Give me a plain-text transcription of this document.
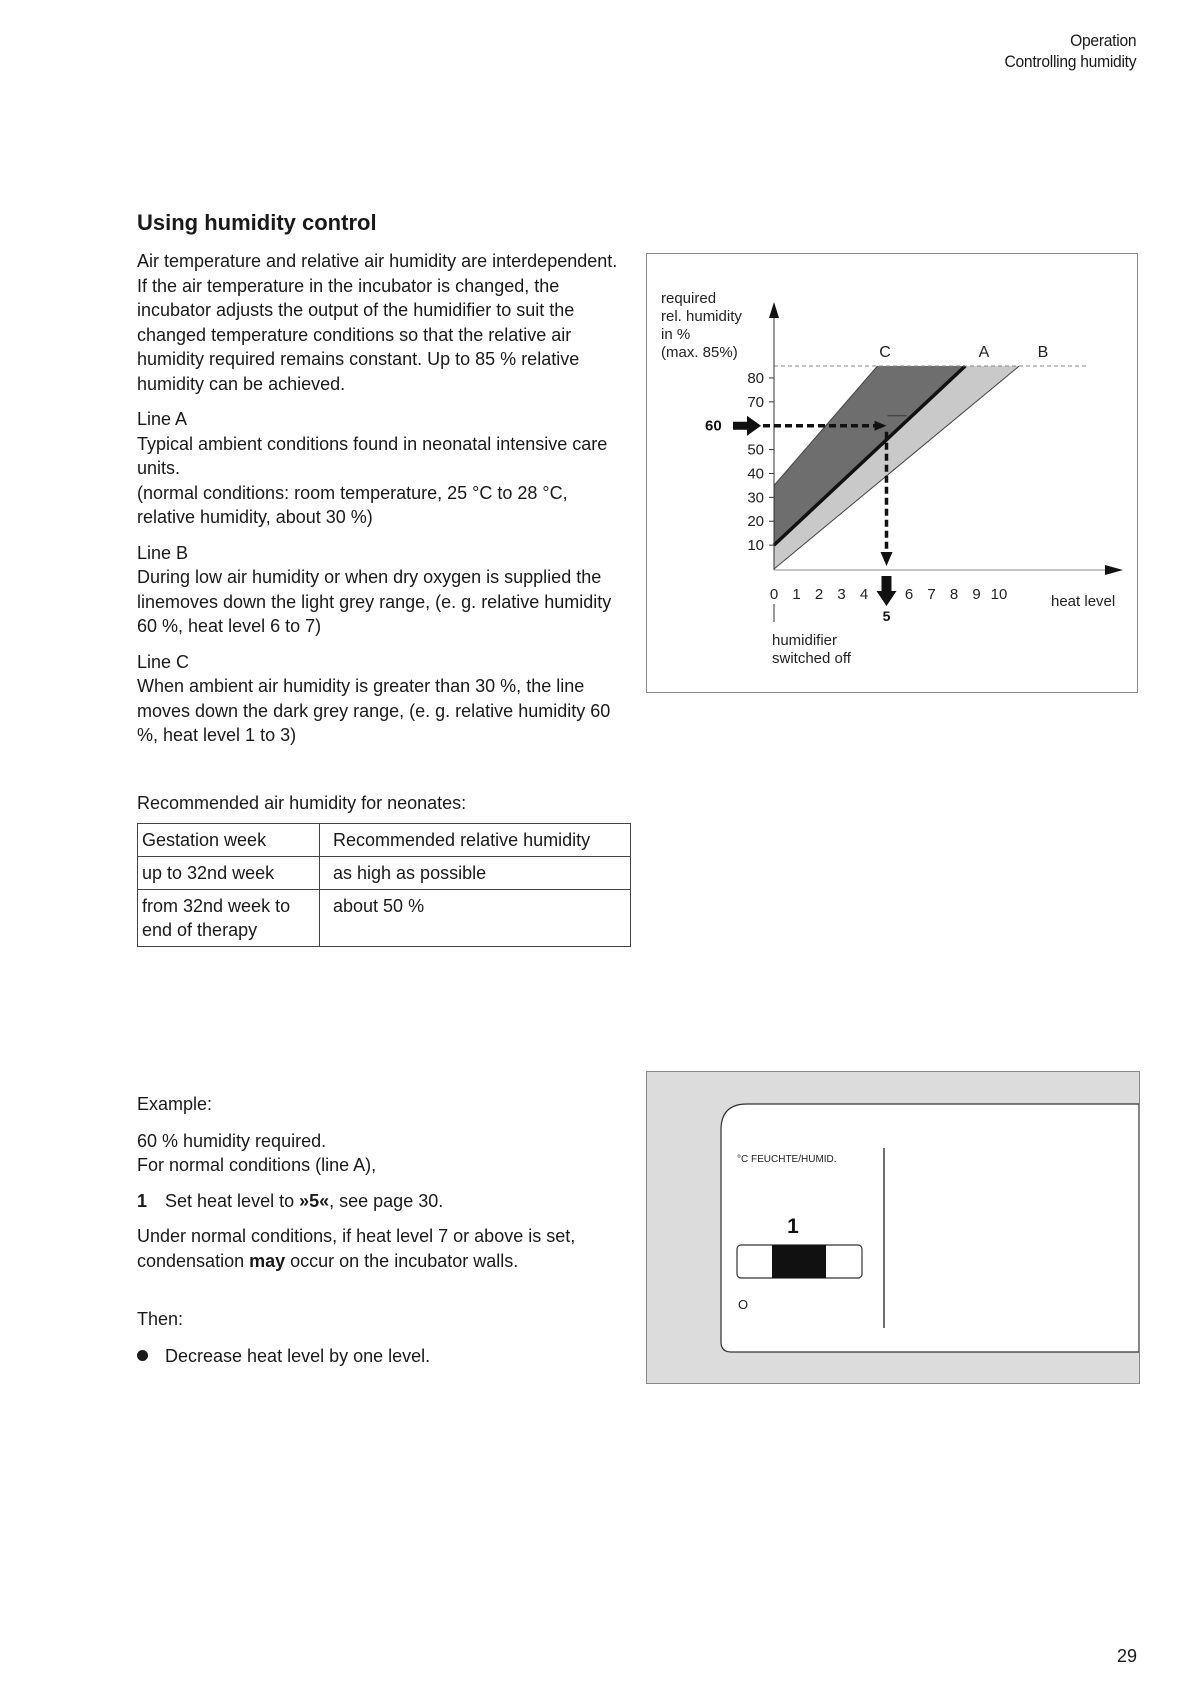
Operation
Controlling humidity
Using humidity control

Air temperature and relative air humidity are interdependent. If the air temperature in the incubator is changed, the incubator adjusts the output of the humidifier to suit the changed temperature conditions so that the relative air humidity required remains constant. Up to 85 % relative humidity can be achieved.

Line A
Typical ambient conditions found in neonatal intensive care units.
(normal conditions: room temperature, 25 °C to 28 °C, relative humidity, about 30 %)

Line B
During low air humidity or when dry oxygen is supplied the linemoves down the light grey range, (e. g. relative humidity 60 %, heat level 6 to 7)

Line C
When ambient air humidity is greater than 30 %, the line moves down the dark grey range, (e. g. relative humidity 60 %, heat level 1 to 3)

80
70
50
40
30
20
10
0 1 2 3 4 6 7 8 9 10	heat level
required
rel. humidity
in %
(max. 85%)	C	A	B
60
5
humidifier
switched off
Recommended air humidity for neonates:
Gestation week	Recommended relative humidity
up to 32nd week	as high as possible
from 32nd week to end of therapy	about 50 %

Example:

60 % humidity required.
For normal conditions (line A),

1 Set heat level to »5«, see page 30.

Under normal conditions, if heat level 7 or above is set, condensation may occur on the incubator walls.

Then:

Decrease heat level by one level.
°C FEUCHTE/HUMID.
1
O
29
